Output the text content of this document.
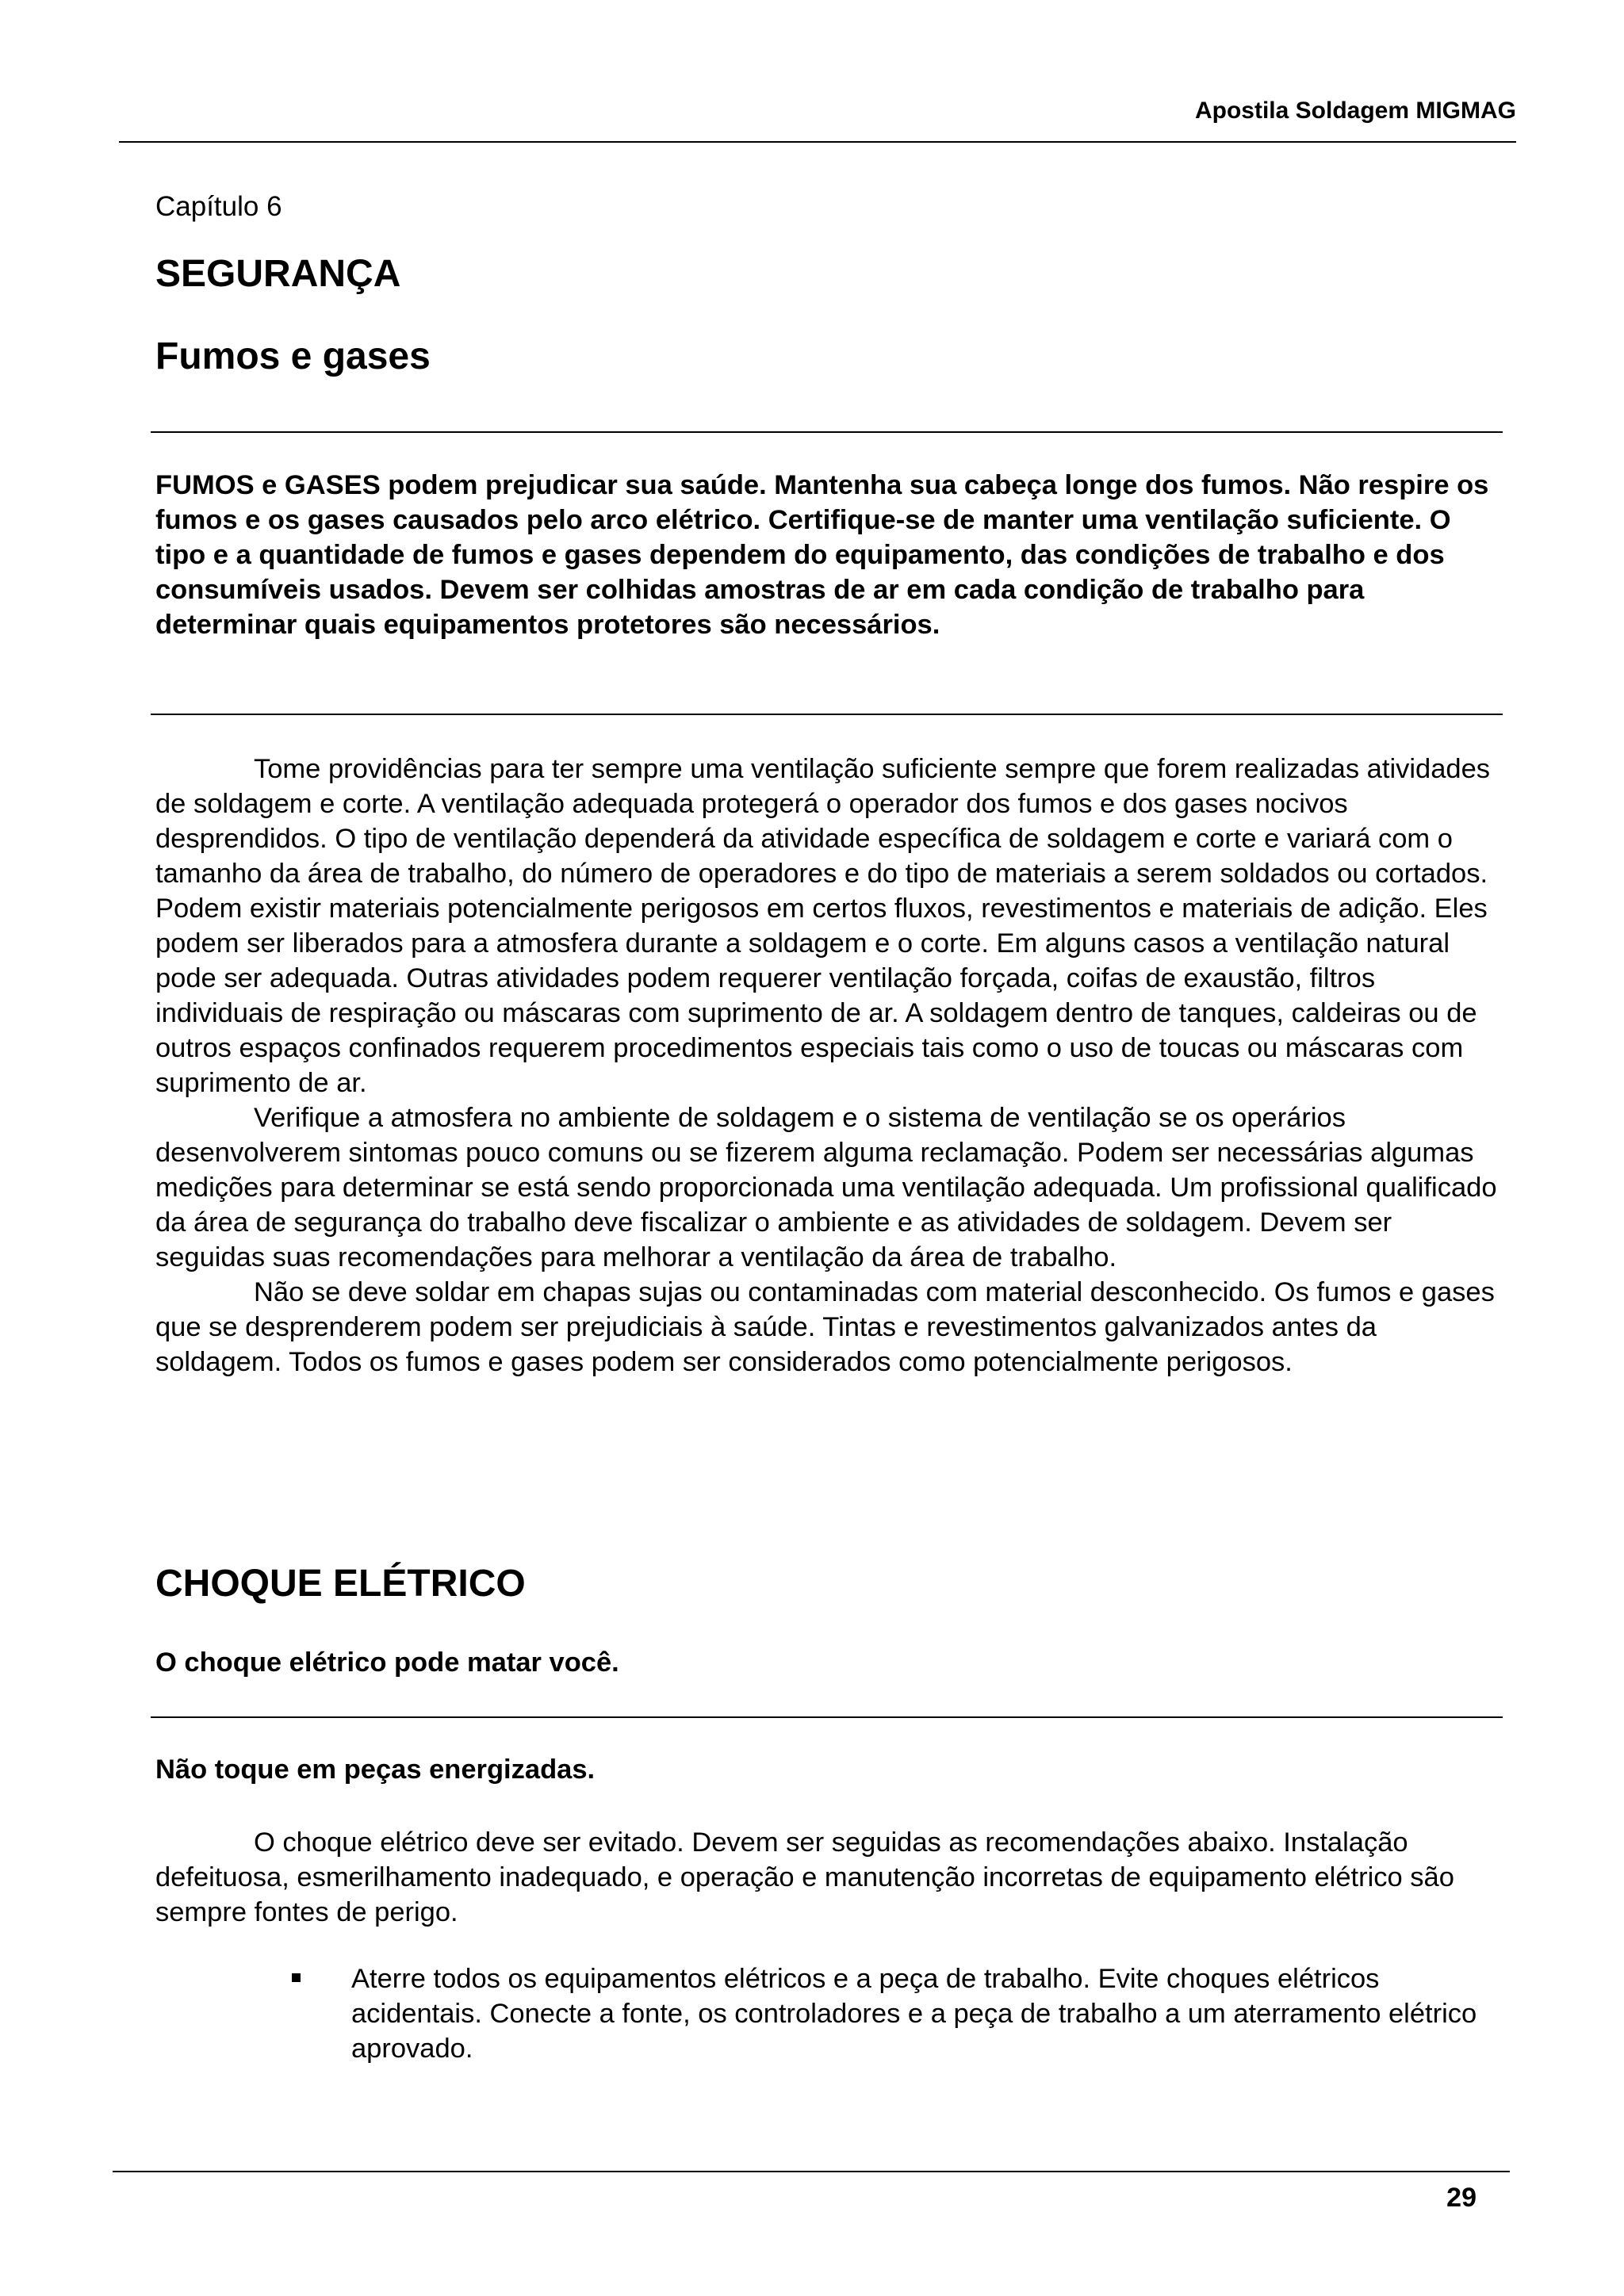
Apostila Soldagem MIGMAG
Capítulo 6
SEGURANÇA
Fumos e gases
FUMOS e GASES podem prejudicar sua saúde. Mantenha sua cabeça longe dos fumos. Não respire os fumos e os gases causados pelo arco elétrico. Certifique-se de manter uma ventilação suficiente. O tipo e a quantidade de fumos e gases dependem do equipamento, das condições de trabalho e dos consumíveis usados. Devem ser colhidas amostras de ar em cada condição de trabalho para determinar quais equipamentos protetores são necessários.

Tome providências para ter sempre uma ventilação suficiente sempre que forem realizadas atividades de soldagem e corte. A ventilação adequada protegerá o operador dos fumos e dos gases nocivos desprendidos. O tipo de ventilação dependerá da atividade específica de soldagem e corte e variará com o tamanho da área de trabalho, do número de operadores e do tipo de materiais a serem soldados ou cortados. Podem existir materiais potencialmente perigosos em certos fluxos, revestimentos e materiais de adição. Eles podem ser liberados para a atmosfera durante a soldagem e o corte. Em alguns casos a ventilação natural pode ser adequada. Outras atividades podem requerer ventilação forçada, coifas de exaustão, filtros individuais de respiração ou máscaras com suprimento de ar. A soldagem dentro de tanques, caldeiras ou de outros espaços confinados requerem procedimentos especiais tais como o uso de toucas ou máscaras com suprimento de ar.

Verifique a atmosfera no ambiente de soldagem e o sistema de ventilação se os operários desenvolverem sintomas pouco comuns ou se fizerem alguma reclamação. Podem ser necessárias algumas medições para determinar se está sendo proporcionada uma ventilação adequada. Um profissional qualificado da área de segurança do trabalho deve fiscalizar o ambiente e as atividades de soldagem. Devem ser seguidas suas recomendações para melhorar a ventilação da área de trabalho.

Não se deve soldar em chapas sujas ou contaminadas com material desconhecido. Os fumos e gases que se desprenderem podem ser prejudiciais à saúde. Tintas e revestimentos galvanizados antes da soldagem. Todos os fumos e gases podem ser considerados como potencialmente perigosos.

CHOQUE ELÉTRICO
O choque elétrico pode matar você.
Não toque em peças energizadas.

O choque elétrico deve ser evitado. Devem ser seguidas as recomendações abaixo. Instalação defeituosa, esmerilhamento inadequado, e operação e manutenção incorretas de equipamento elétrico são sempre fontes de perigo.

Aterre todos os equipamentos elétricos e a peça de trabalho. Evite choques elétricos acidentais. Conecte a fonte, os controladores e a peça de trabalho a um aterramento elétrico aprovado.
29
